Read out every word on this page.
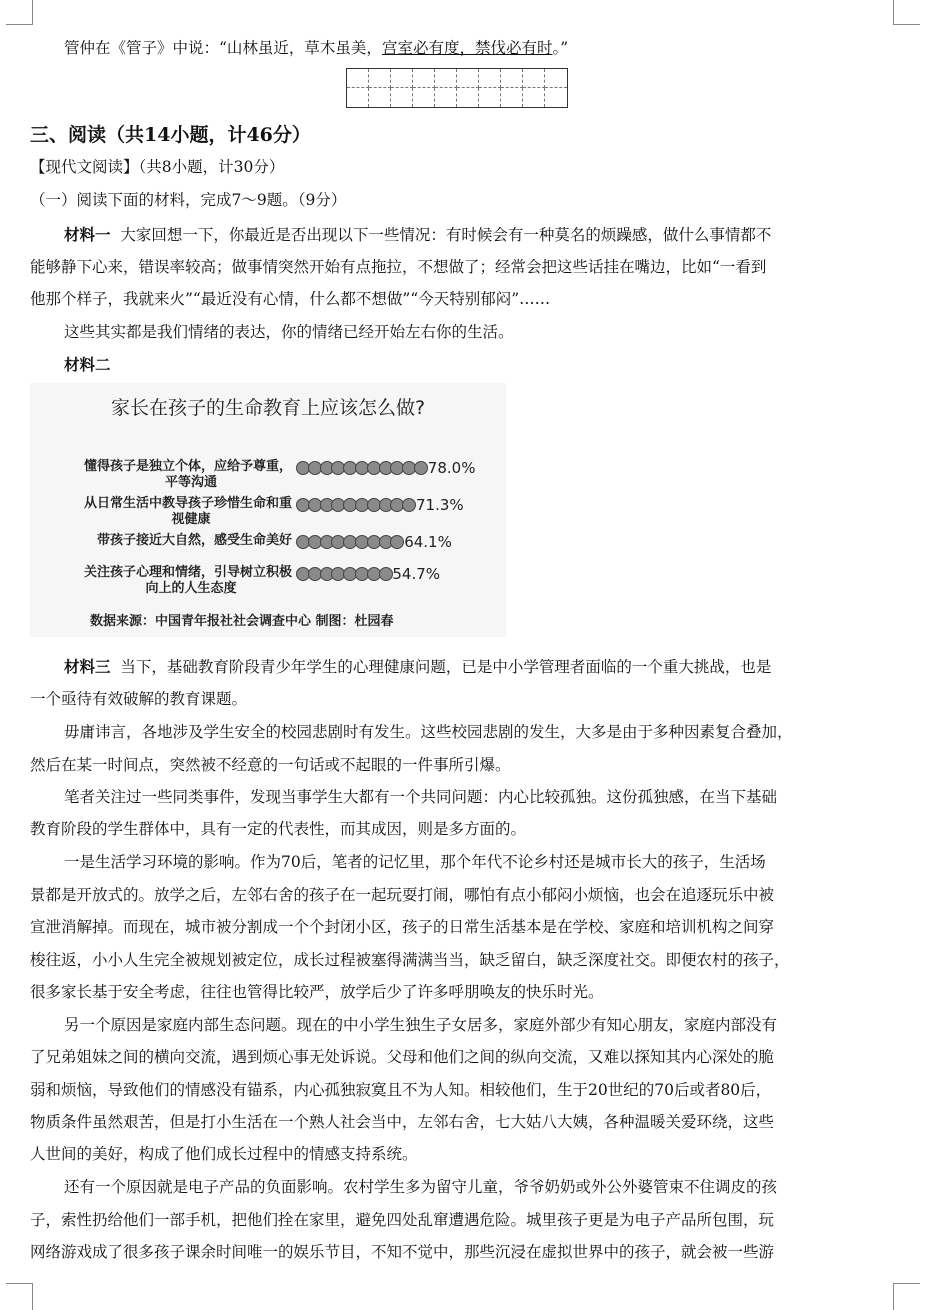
管仲在《管子》中说：“山林虽近，草木虽美，宫室必有度，禁伐必有时。”
三、阅读（共14小题，计46分）
【现代文阅读】（共8小题，计30分）
（一）阅读下面的材料，完成7～9题。（9分）
材料一 大家回想一下，你最近是否出现以下一些情况：有时候会有一种莫名的烦躁感，做什么事情都不
能够静下心来，错误率较高；做事情突然开始有点拖拉，不想做了；经常会把这些话挂在嘴边，比如“一看到
他那个样子，我就来火”“最近没有心情，什么都不想做”“今天特别郁闷”……
这些其实都是我们情绪的表达，你的情绪已经开始左右你的生活。
材料二
家长在孩子的生命教育上应该怎么做?
懂得孩子是独立个体，应给予尊重，
平等沟通
78.0%
从日常生活中教导孩子珍惜生命和重
视健康
71.3%
带孩子接近大自然，感受生命美好	64.1%
关注孩子心理和情绪，引导树立积极
向上的人生态度
54.7%
数据来源：中国青年报社社会调查中心 制图：杜园春
材料三 当下，基础教育阶段青少年学生的心理健康问题，已是中小学管理者面临的一个重大挑战，也是
一个亟待有效破解的教育课题。
毋庸讳言，各地涉及学生安全的校园悲剧时有发生。这些校园悲剧的发生，大多是由于多种因素复合叠加，
然后在某一时间点，突然被不经意的一句话或不起眼的一件事所引爆。
笔者关注过一些同类事件，发现当事学生大都有一个共同问题：内心比较孤独。这份孤独感，在当下基础
教育阶段的学生群体中，具有一定的代表性，而其成因，则是多方面的。
一是生活学习环境的影响。作为70后，笔者的记忆里，那个年代不论乡村还是城市长大的孩子，生活场
景都是开放式的。放学之后，左邻右舍的孩子在一起玩耍打闹，哪怕有点小郁闷小烦恼，也会在追逐玩乐中被
宣泄消解掉。而现在，城市被分割成一个个封闭小区，孩子的日常生活基本是在学校、家庭和培训机构之间穿
梭往返，小小人生完全被规划被定位，成长过程被塞得满满当当，缺乏留白，缺乏深度社交。即便农村的孩子，
很多家长基于安全考虑，往往也管得比较严，放学后少了许多呼朋唤友的快乐时光。
另一个原因是家庭内部生态问题。现在的中小学生独生子女居多，家庭外部少有知心朋友，家庭内部没有
了兄弟姐妹之间的横向交流，遇到烦心事无处诉说。父母和他们之间的纵向交流，又难以探知其内心深处的脆
弱和烦恼，导致他们的情感没有锚系，内心孤独寂寞且不为人知。相较他们，生于20世纪的70后或者80后，
物质条件虽然艰苦，但是打小生活在一个熟人社会当中，左邻右舍，七大姑八大姨，各种温暖关爱环绕，这些
人世间的美好，构成了他们成长过程中的情感支持系统。
还有一个原因就是电子产品的负面影响。农村学生多为留守儿童，爷爷奶奶或外公外婆管束不住调皮的孩
子，索性扔给他们一部手机，把他们拴在家里，避免四处乱窜遭遇危险。城里孩子更是为电子产品所包围，玩
网络游戏成了很多孩子课余时间唯一的娱乐节目，不知不觉中，那些沉浸在虚拟世界中的孩子，就会被一些游
